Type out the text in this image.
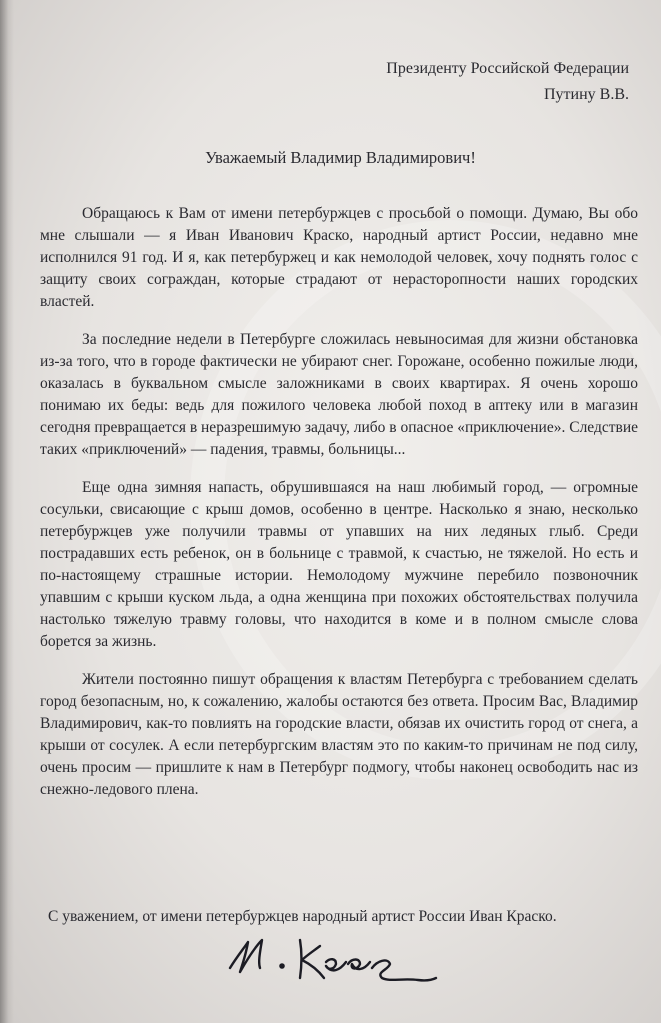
Президенту Российской Федерации
Путину В.В.
Уважаемый Владимир Владимирович!

Обращаюсь к Вам от имени петербуржцев с просьбой о помощи. Думаю, Вы обо мне слышали — я Иван Иванович Краско, народный артист России, недавно мне исполнился 91 год. И я, как петербуржец и как немолодой человек, хочу поднять голос с защиту своих сограждан, которые страдают от нерасторопности наших городских властей.

За последние недели в Петербурге сложилась невыносимая для жизни обстановка из-за того, что в городе фактически не убирают снег. Горожане, особенно пожилые люди, оказалась в буквальном смысле заложниками в своих квартирах. Я очень хорошо понимаю их беды: ведь для пожилого человека любой поход в аптеку или в магазин сегодня превращается в неразрешимую задачу, либо в опасное «приключение». Следствие таких «приключений» — падения, травмы, больницы...

Еще одна зимняя напасть, обрушившаяся на наш любимый город, — огромные сосульки, свисающие с крыш домов, особенно в центре. Насколько я знаю, несколько петербуржцев уже получили травмы от упавших на них ледяных глыб. Среди пострадавших есть ребенок, он в больнице с травмой, к счастью, не тяжелой. Но есть и по-настоящему страшные истории. Немолодому мужчине перебило позвоночник упавшим с крыши куском льда, а одна женщина при похожих обстоятельствах получила настолько тяжелую травму головы, что находится в коме и в полном смысле слова борется за жизнь.

Жители постоянно пишут обращения к властям Петербурга с требованием сделать город безопасным, но, к сожалению, жалобы остаются без ответа. Просим Вас, Владимир Владимирович, как-то повлиять на городские власти, обязав их очистить город от снега, а крыши от сосулек. А если петербургским властям это по каким-то причинам не под силу, очень просим — пришлите к нам в Петербург подмогу, чтобы наконец освободить нас из снежно-ледового плена.

С уважением, от имени петербуржцев народный артист России Иван Краско.
